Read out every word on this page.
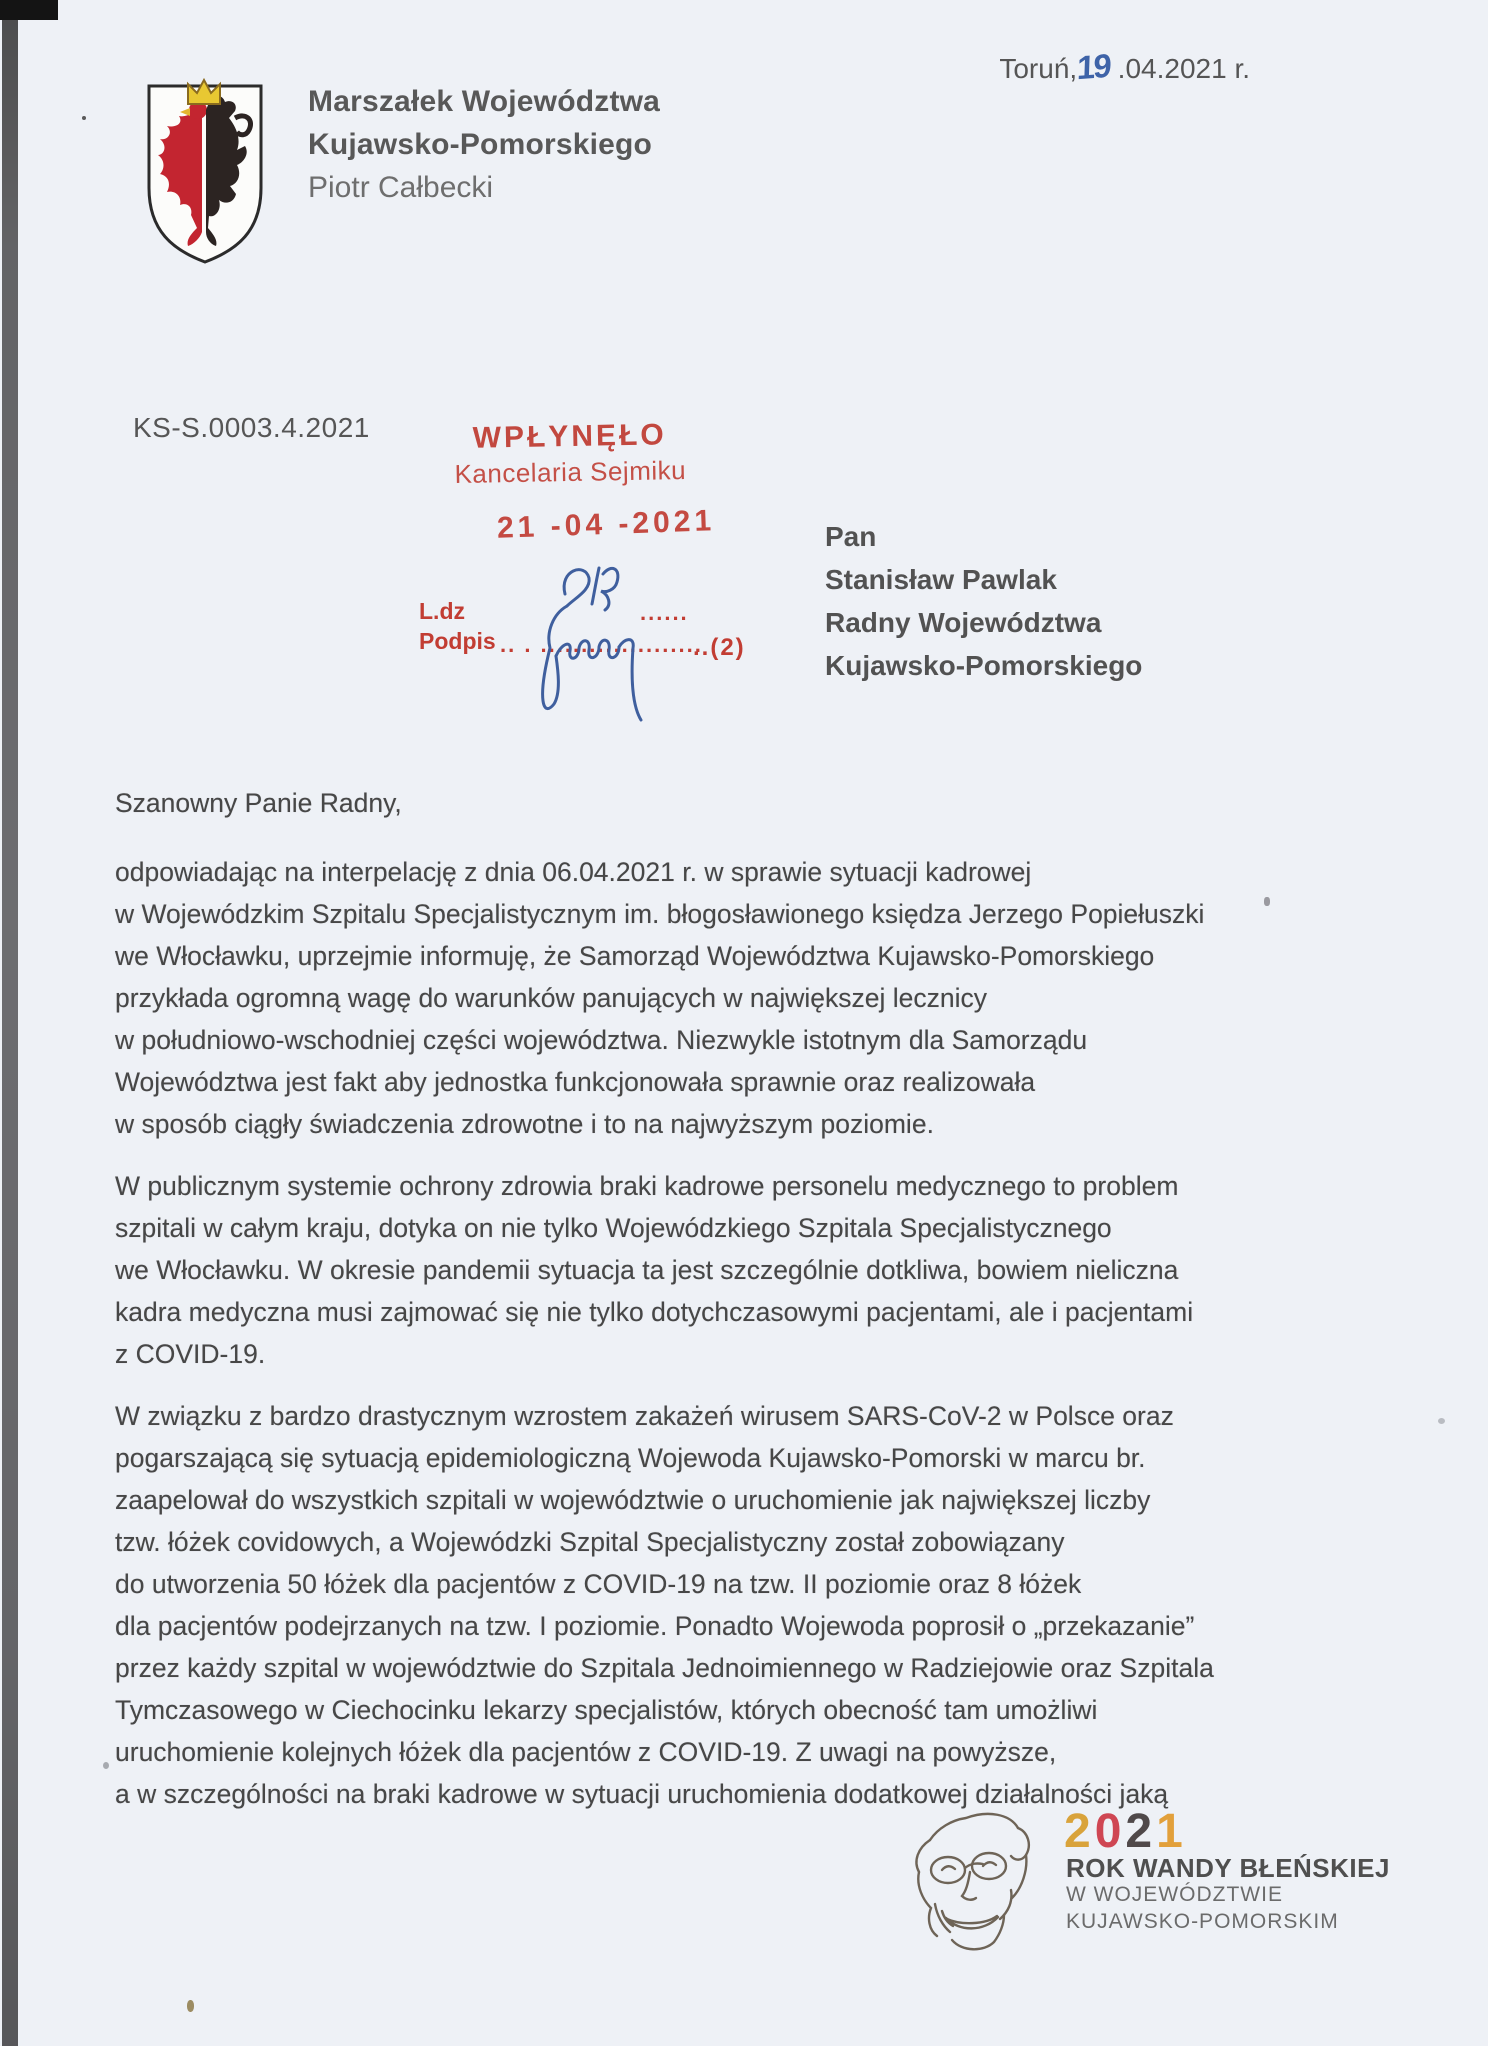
Marszałek Województwa
Kujawsko-Pomorskiego
Piotr Całbecki
Toruń,19 .04.2021 r.
KS-S.0003.4.2021	WPŁYNĘŁO
Kancelaria Sejmiku
21 -04 -2021
L.dz	......
Podpis .. . ....................
..(2)
Pan
Stanisław Pawlak
Radny Województwa
Kujawsko-Pomorskiego
Szanowny Panie Radny,
odpowiadając na interpelację z dnia 06.04.2021 r. w sprawie sytuacji kadrowej
w Wojewódzkim Szpitalu Specjalistycznym im. błogosławionego księdza Jerzego Popiełuszki
we Włocławku, uprzejmie informuję, że Samorząd Województwa Kujawsko-Pomorskiego
przykłada ogromną wagę do warunków panujących w największej lecznicy
w południowo-wschodniej części województwa. Niezwykle istotnym dla Samorządu
Województwa jest fakt aby jednostka funkcjonowała sprawnie oraz realizowała
w sposób ciągły świadczenia zdrowotne i to na najwyższym poziomie.
W publicznym systemie ochrony zdrowia braki kadrowe personelu medycznego to problem
szpitali w całym kraju, dotyka on nie tylko Wojewódzkiego Szpitala Specjalistycznego
we Włocławku. W okresie pandemii sytuacja ta jest szczególnie dotkliwa, bowiem nieliczna
kadra medyczna musi zajmować się nie tylko dotychczasowymi pacjentami, ale i pacjentami
z COVID-19.
W związku z bardzo drastycznym wzrostem zakażeń wirusem SARS-CoV-2 w Polsce oraz
pogarszającą się sytuacją epidemiologiczną Wojewoda Kujawsko-Pomorski w marcu br.
zaapelował do wszystkich szpitali w województwie o uruchomienie jak największej liczby
tzw. łóżek covidowych, a Wojewódzki Szpital Specjalistyczny został zobowiązany
do utworzenia 50 łóżek dla pacjentów z COVID-19 na tzw. II poziomie oraz 8 łóżek
dla pacjentów podejrzanych na tzw. I poziomie. Ponadto Wojewoda poprosił o „przekazanie”
przez każdy szpital w województwie do Szpitala Jednoimiennego w Radziejowie oraz Szpitala
Tymczasowego w Ciechocinku lekarzy specjalistów, których obecność tam umożliwi
uruchomienie kolejnych łóżek dla pacjentów z COVID-19. Z uwagi na powyższe,
a w szczególności na braki kadrowe w sytuacji uruchomienia dodatkowej działalności jaką
2021
ROK WANDY BŁEŃSKIEJ
W WOJEWÓDZTWIE
KUJAWSKO-POMORSKIM
